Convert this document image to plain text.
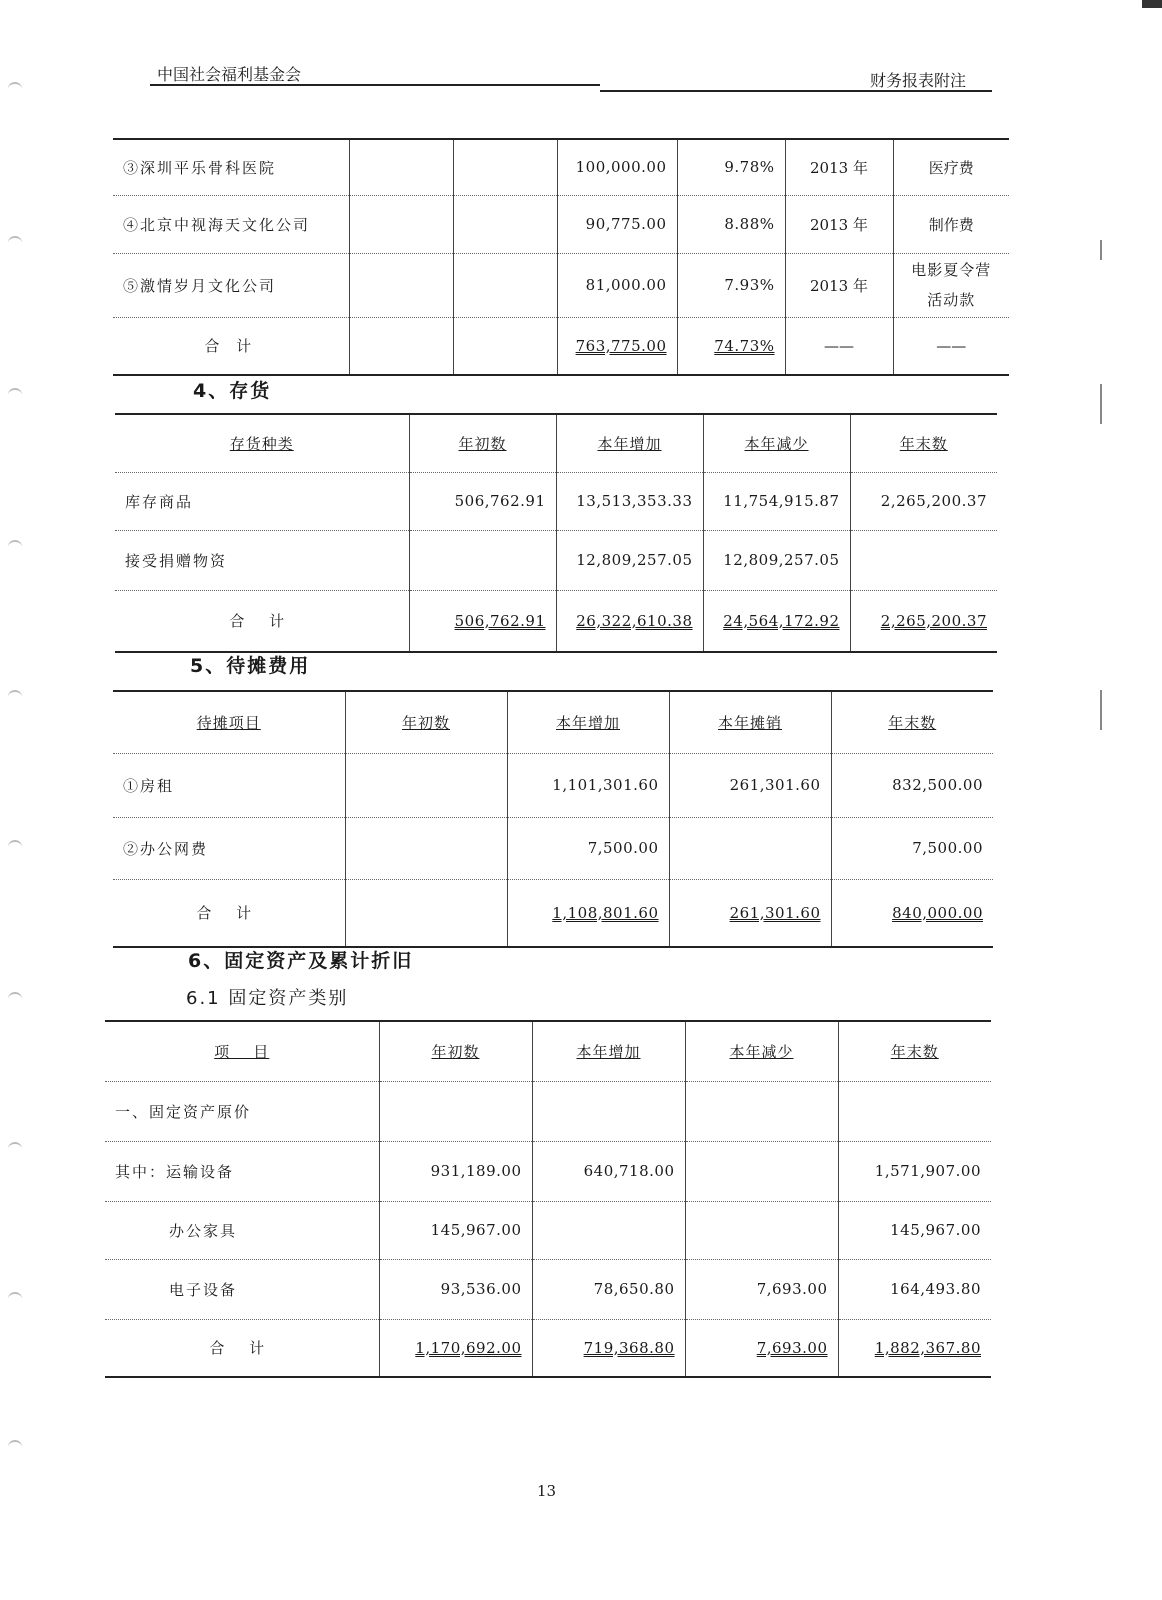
中国社会福利基金会	财务报表附注
③深圳平乐骨科医院			100,000.00	9.78%	2013 年	医疗费
④北京中视海天文化公司			90,775.00	8.88%	2013 年	制作费
⑤激情岁月文化公司			81,000.00	7.93%	2013 年	电影夏令营活动款
合 计			763,775.00	74.73%	——	——
4、存货
存货种类	年初数	本年增加	本年减少	年末数
库存商品	506,762.91	13,513,353.33	11,754,915.87	2,265,200.37
接受捐赠物资		12,809,257.05	12,809,257.05	
合 计	506,762.91	26,322,610.38	24,564,172.92	2,265,200.37
5、待摊费用
待摊项目	年初数	本年增加	本年摊销	年末数
①房租		1,101,301.60	261,301.60	832,500.00
②办公网费		7,500.00		7,500.00
合 计		1,108,801.60	261,301.60	840,000.00
6、固定资产及累计折旧
6.1 固定资产类别
项    目	年初数	本年增加	本年减少	年末数
一、固定资产原价				
其中：运输设备	931,189.00	640,718.00		1,571,907.00
办公家具	145,967.00			145,967.00
电子设备	93,536.00	78,650.80	7,693.00	164,493.80
合 计	1,170,692.00	719,368.80	7,693.00	1,882,367.80
13
